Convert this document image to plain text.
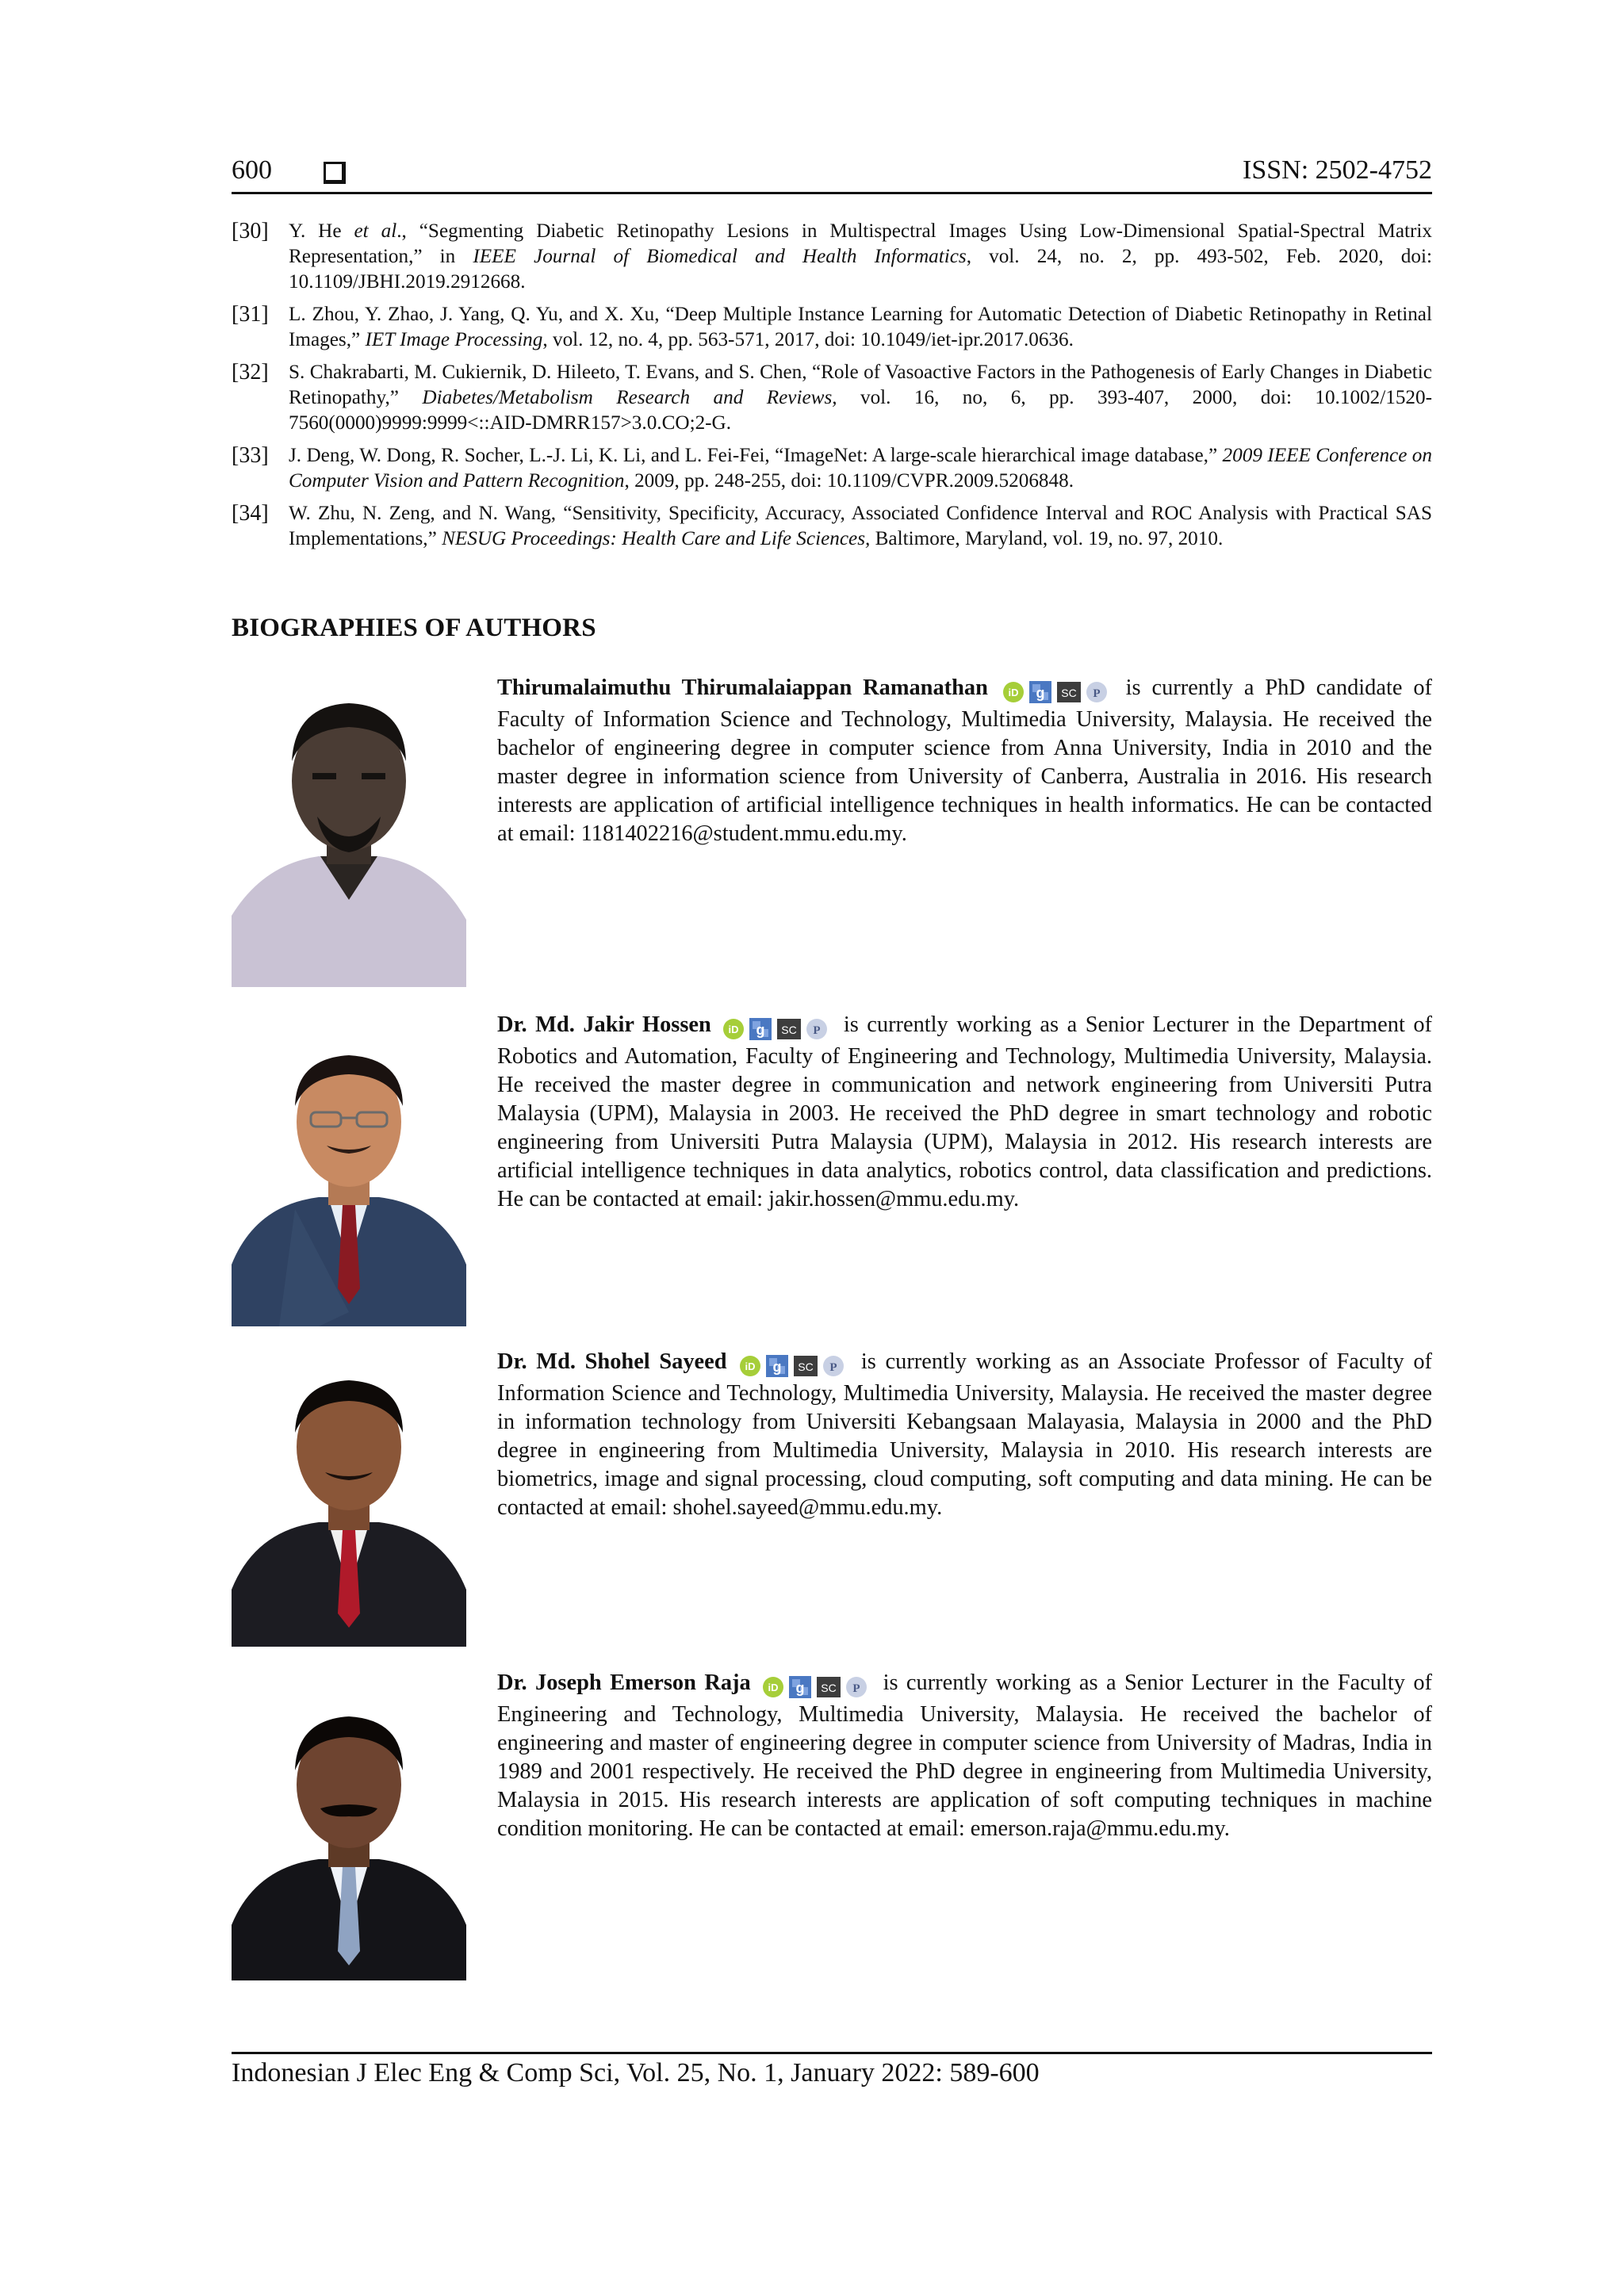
600	ISSN: 2502-4752
[30] Y. He et al., “Segmenting Diabetic Retinopathy Lesions in Multispectral Images Using Low-Dimensional Spatial-Spectral Matrix Representation,” in IEEE Journal of Biomedical and Health Informatics, vol. 24, no. 2, pp. 493-502, Feb. 2020, doi: 10.1109/JBHI.2019.2912668.
[31] L. Zhou, Y. Zhao, J. Yang, Q. Yu, and X. Xu, “Deep Multiple Instance Learning for Automatic Detection of Diabetic Retinopathy in Retinal Images,” IET Image Processing, vol. 12, no. 4, pp. 563-571, 2017, doi: 10.1049/iet-ipr.2017.0636.
[32] S. Chakrabarti, M. Cukiernik, D. Hileeto, T. Evans, and S. Chen, “Role of Vasoactive Factors in the Pathogenesis of Early Changes in Diabetic Retinopathy,” Diabetes/Metabolism Research and Reviews, vol. 16, no, 6, pp. 393-407, 2000, doi: 10.1002/1520-7560(0000)9999:9999<::AID-DMRR157>3.0.CO;2-G.
[33] J. Deng, W. Dong, R. Socher, L.-J. Li, K. Li, and L. Fei-Fei, “ImageNet: A large-scale hierarchical image database,” 2009 IEEE Conference on Computer Vision and Pattern Recognition, 2009, pp. 248-255, doi: 10.1109/CVPR.2009.5206848.
[34] W. Zhu, N. Zeng, and N. Wang, “Sensitivity, Specificity, Accuracy, Associated Confidence Interval and ROC Analysis with Practical SAS Implementations,” NESUG Proceedings: Health Care and Life Sciences, Baltimore, Maryland, vol. 19, no. 97, 2010.
BIOGRAPHIES OF AUTHORS
Thirumalaimuthu Thirumalaiappan Ramanathan iD g SC P is currently a PhD candidate of Faculty of Information Science and Technology, Multimedia University, Malaysia. He received the bachelor of engineering degree in computer science from Anna University, India in 2010 and the master degree in information science from University of Canberra, Australia in 2016. His research interests are application of artificial intelligence techniques in health informatics. He can be contacted at email: 1181402216@student.mmu.edu.my.
Dr. Md. Jakir Hossen iD g SC P is currently working as a Senior Lecturer in the Department of Robotics and Automation, Faculty of Engineering and Technology, Multimedia University, Malaysia. He received the master degree in communication and network engineering from Universiti Putra Malaysia (UPM), Malaysia in 2003. He received the PhD degree in smart technology and robotic engineering from Universiti Putra Malaysia (UPM), Malaysia in 2012. His research interests are artificial intelligence techniques in data analytics, robotics control, data classification and predictions. He can be contacted at email: jakir.hossen@mmu.edu.my.
Dr. Md. Shohel Sayeed iD g SC P is currently working as an Associate Professor of Faculty of Information Science and Technology, Multimedia University, Malaysia. He received the master degree in information technology from Universiti Kebangsaan Malayasia, Malaysia in 2000 and the PhD degree in engineering from Multimedia University, Malaysia in 2010. His research interests are biometrics, image and signal processing, cloud computing, soft computing and data mining. He can be contacted at email: shohel.sayeed@mmu.edu.my.
Dr. Joseph Emerson Raja iD g SC P is currently working as a Senior Lecturer in the Faculty of Engineering and Technology, Multimedia University, Malaysia. He received the bachelor of engineering and master of engineering degree in computer science from University of Madras, India in 1989 and 2001 respectively. He received the PhD degree in engineering from Multimedia University, Malaysia in 2015. His research interests are application of soft computing techniques in machine condition monitoring. He can be contacted at email: emerson.raja@mmu.edu.my.
Indonesian J Elec Eng & Comp Sci, Vol. 25, No. 1, January 2022: 589-600
